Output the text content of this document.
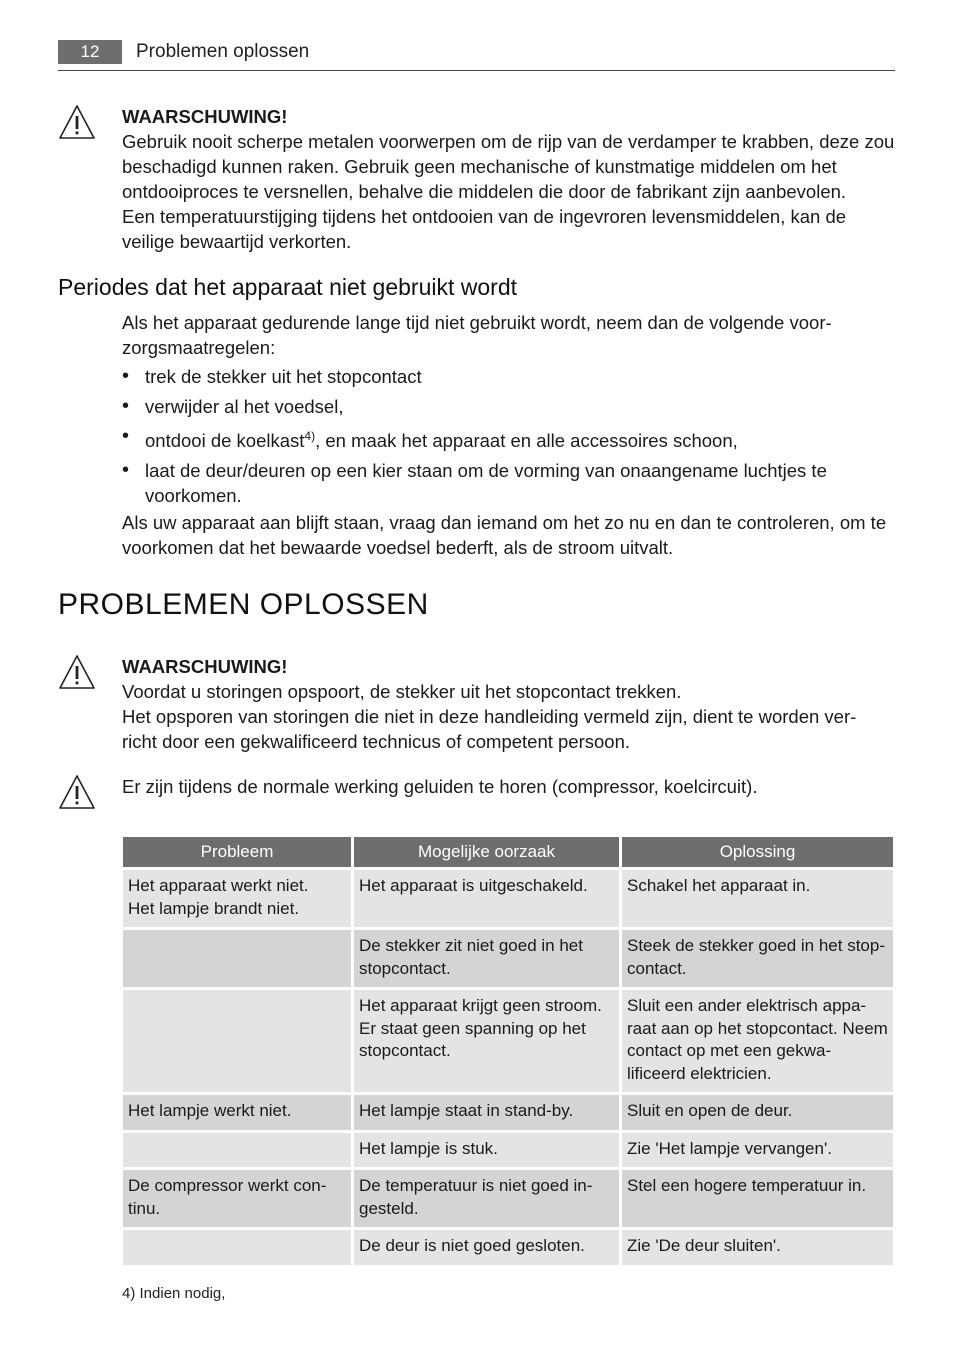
12	Problemen oplossen
WAARSCHUWING!

Gebruik nooit scherpe metalen voorwerpen om de rijp van de verdamper te krabben, deze zou beschadigd kunnen raken. Gebruik geen mechanische of kunstmatige middelen om het ontdooiproces te versnellen, behalve die middelen die door de fabrikant zijn aanbevolen.

Een temperatuurstijging tijdens het ontdooien van de ingevroren levensmiddelen, kan de veilige bewaartijd verkorten.

Periodes dat het apparaat niet gebruikt wordt

Als het apparaat gedurende lange tijd niet gebruikt wordt, neem dan de volgende voor- zorgsmaatregelen:

• trek de stekker uit het stopcontact
• verwijder al het voedsel,
• ontdooi de koelkast$^{4)}$, en maak het apparaat en alle accessoires schoon,
• laat de deur/deuren op een kier staan om de vorming van onaangename luchtjes te voorkomen.

Als uw apparaat aan blijft staan, vraag dan iemand om het zo nu en dan te controleren, om te voorkomen dat het bewaarde voedsel bederft, als de stroom uitvalt.

PROBLEMEN OPLOSSEN
WAARSCHUWING!

Voordat u storingen opspoort, de stekker uit het stopcontact trekken.

Het opsporen van storingen die niet in deze handleiding vermeld zijn, dient te worden ver- richt door een gekwalificeerd technicus of competent persoon.

Er zijn tijdens de normale werking geluiden te horen (compressor, koelcircuit).

Probleem	Mogelijke oorzaak	Oplossing

Het apparaat werkt niet.
Het lampje brandt niet.	Het apparaat is uitgeschakeld.	Schakel het apparaat in.
	De stekker zit niet goed in het stopcontact.	Steek de stekker goed in het stop- contact.
	Het apparaat krijgt geen stroom. Er staat geen spanning op het stopcontact.	Sluit een ander elektrisch appa- raat aan op het stopcontact. Neem contact op met een gekwa- lificeerd elektricien.
Het lampje werkt niet.	Het lampje staat in stand-by.	Sluit en open de deur.
	Het lampje is stuk.	Zie 'Het lampje vervangen'.
De compressor werkt con- tinu.	De temperatuur is niet goed in- gesteld.	Stel een hogere temperatuur in.
	De deur is niet goed gesloten.	Zie 'De deur sluiten'.
4) Indien nodig,
